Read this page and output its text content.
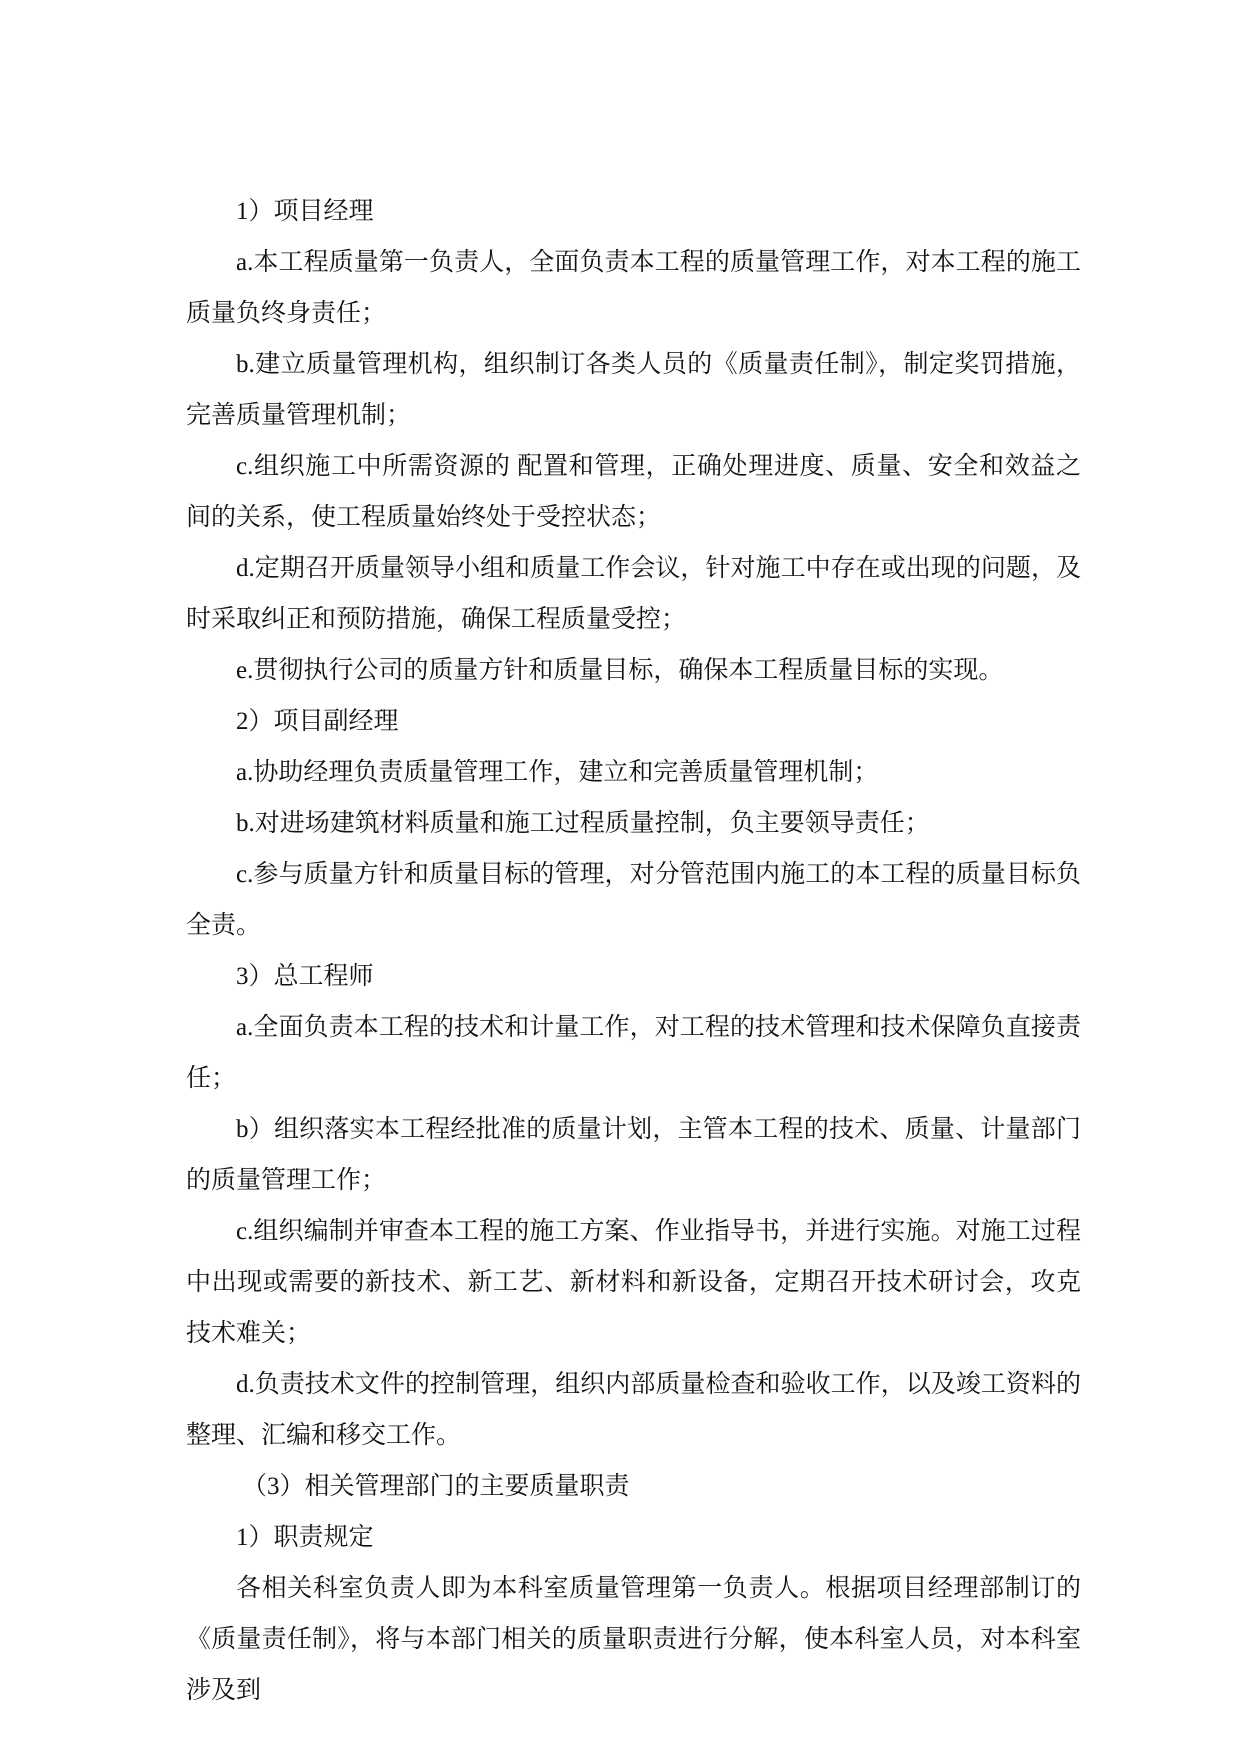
1）项目经理

a.本工程质量第一负责人，全面负责本工程的质量管理工作，对本工程的施工质量负终身责任；

b.建立质量管理机构，组织制订各类人员的《质量责任制》，制定奖罚措施，完善质量管理机制；

c.组织施工中所需资源的 配置和管理，正确处理进度、质量、安全和效益之间的关系，使工程质量始终处于受控状态；

d.定期召开质量领导小组和质量工作会议，针对施工中存在或出现的问题，及时采取纠正和预防措施，确保工程质量受控；

e.贯彻执行公司的质量方针和质量目标，确保本工程质量目标的实现。

2）项目副经理

a.协助经理负责质量管理工作，建立和完善质量管理机制；

b.对进场建筑材料质量和施工过程质量控制，负主要领导责任；

c.参与质量方针和质量目标的管理，对分管范围内施工的本工程的质量目标负全责。

3）总工程师

a.全面负责本工程的技术和计量工作，对工程的技术管理和技术保障负直接责任；

b）组织落实本工程经批准的质量计划，主管本工程的技术、质量、计量部门的质量管理工作；

c.组织编制并审查本工程的施工方案、作业指导书，并进行实施。对施工过程中出现或需要的新技术、新工艺、新材料和新设备，定期召开技术研讨会，攻克技术难关；

d.负责技术文件的控制管理，组织内部质量检查和验收工作，以及竣工资料的整理、汇编和移交工作。

（3）相关管理部门的主要质量职责

1）职责规定

各相关科室负责人即为本科室质量管理第一负责人。根据项目经理部制订的《质量责任制》，将与本部门相关的质量职责进行分解，使本科室人员，对本科室涉及到
